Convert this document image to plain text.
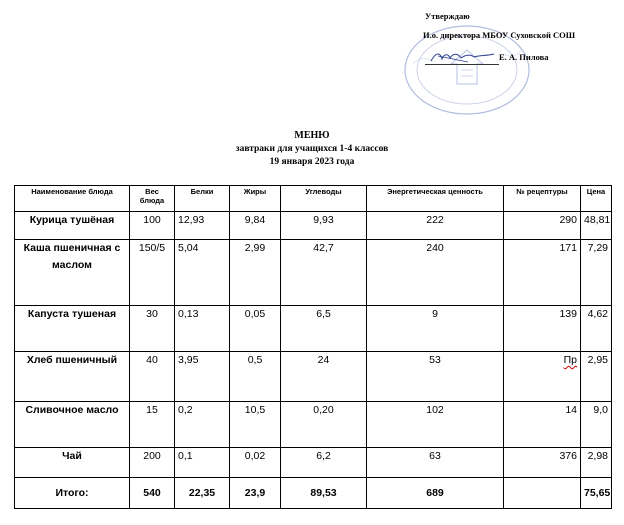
Утверждаю
И.о. директора МБОУ Суховской СОШ
Е. А. Пилова
МЕНЮ
завтраки для учащихся 1-4 классов
19 января 2023 года
Наименование блюда	Вес блюда	Белки	Жиры	Углеводы	Энергетическая ценность	№ рецептуры	Цена
Курица тушёная	100	12,93	9,84	9,93	222	290	48,81
Каша пшеничная с маслом	150/5	5,04	2,99	42,7	240	171	7,29
Капуста тушеная	30	0,13	0,05	6,5	9	139	4,62
Хлеб пшеничный	40	3,95	0,5	24	53	Пр	2,95
Сливочное масло	15	0,2	10,5	0,20	102	14	9,0
Чай	200	0,1	0,02	6,2	63	376	2,98
Итого:	540	22,35	23,9	89,53	689		75,65
